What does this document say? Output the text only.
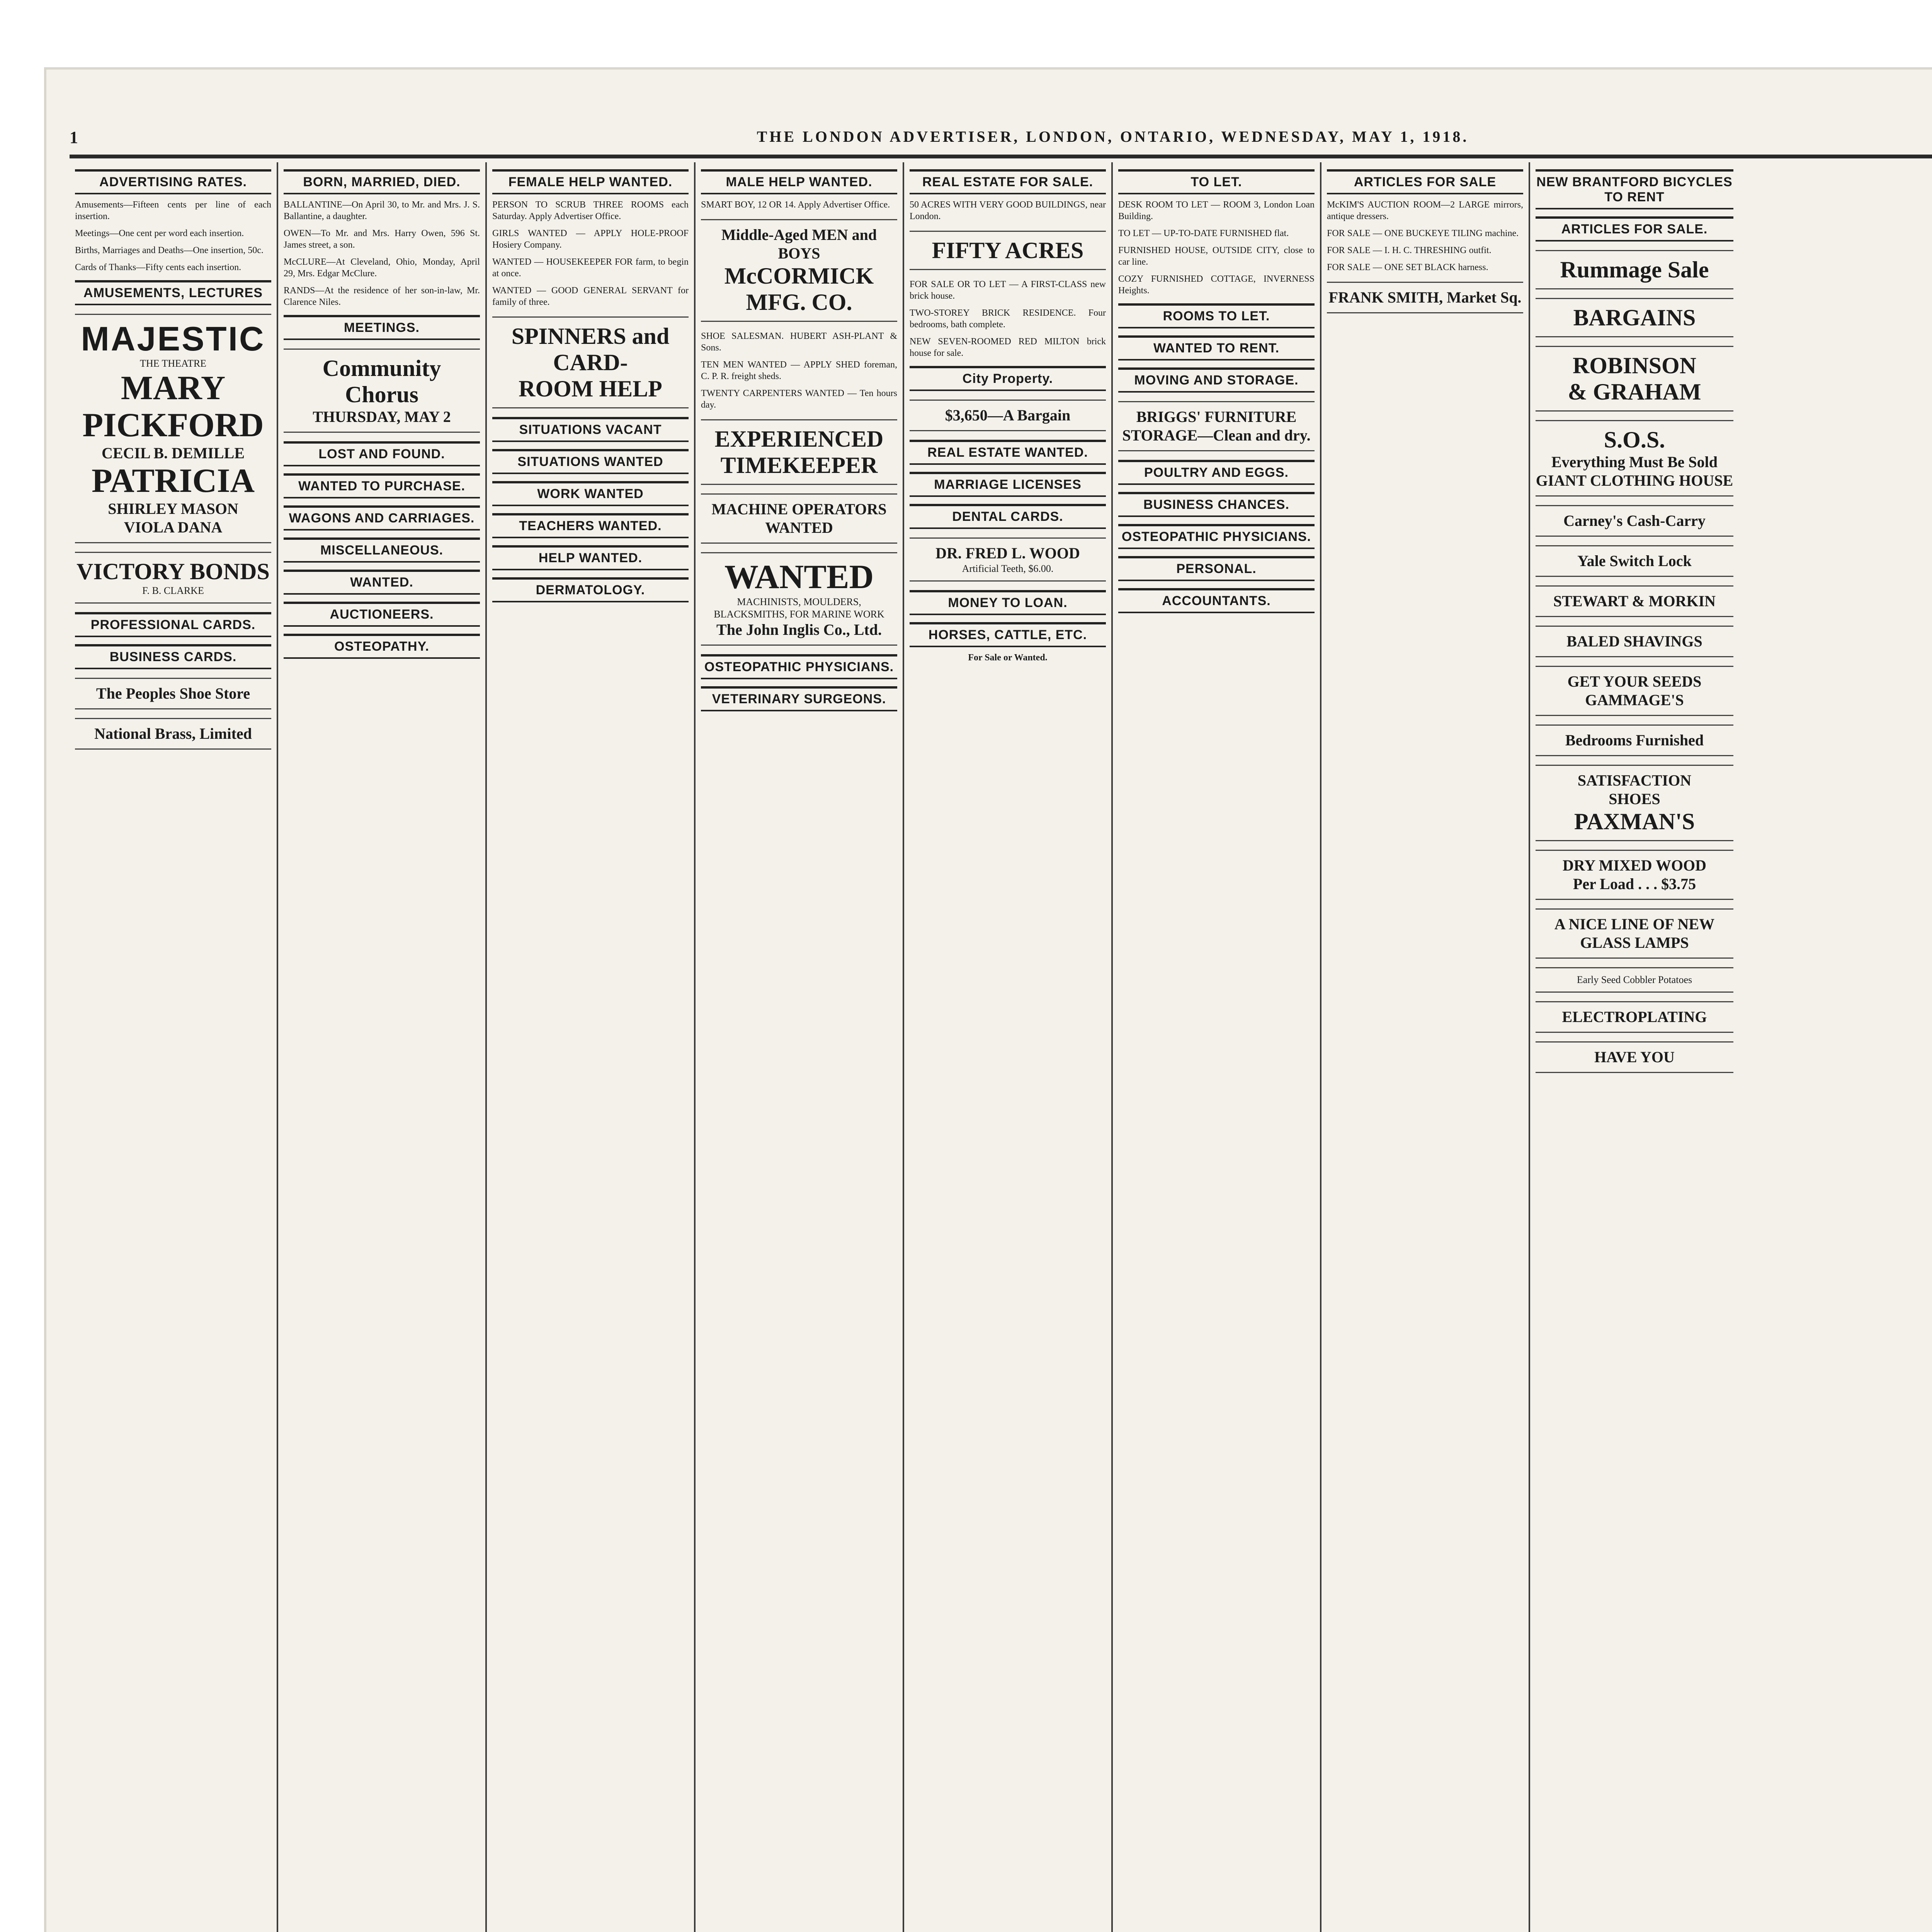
1	THE LONDON ADVERTISER, LONDON, ONTARIO, WEDNESDAY, MAY 1, 1918.
ADVERTISING RATES.

Amusements—Fifteen cents per line of each insertion.

Meetings—One cent per word each insertion.

Births, Marriages and Deaths—One insertion, 50c.

Cards of Thanks—Fifty cents each insertion.

AMUSEMENTS, LECTURES
MAJESTIC
THE THEATRE
MARY
PICKFORD
CECIL B. DEMILLE
PATRICIA
SHIRLEY MASON
VIOLA DANA
VICTORY BONDS
F. B. CLARKE
PROFESSIONAL CARDS.
BUSINESS CARDS.
The Peoples Shoe Store
National Brass, Limited
BORN, MARRIED, DIED.

BALLANTINE—On April 30, to Mr. and Mrs. J. S. Ballantine, a daughter.

OWEN—To Mr. and Mrs. Harry Owen, 596 St. James street, a son.

McCLURE—At Cleveland, Ohio, Monday, April 29, Mrs. Edgar McClure.

RANDS—At the residence of her son-in-law, Mr. Clarence Niles.

MEETINGS.
Community Chorus
THURSDAY, MAY 2
LOST AND FOUND.
WANTED TO PURCHASE.
WAGONS AND CARRIAGES.
MISCELLANEOUS.
WANTED.
AUCTIONEERS.
OSTEOPATHY.
FEMALE HELP WANTED.

PERSON TO SCRUB THREE ROOMS each Saturday. Apply Advertiser Office.

GIRLS WANTED — APPLY HOLE-PROOF Hosiery Company.

WANTED — HOUSEKEEPER FOR farm, to begin at once.

WANTED — GOOD GENERAL SERVANT for family of three.

SPINNERS and CARD-
ROOM HELP
SITUATIONS VACANT
SITUATIONS WANTED
WORK WANTED
TEACHERS WANTED.
HELP WANTED.
DERMATOLOGY.
MALE HELP WANTED.

SMART BOY, 12 OR 14. Apply Advertiser Office.

Middle-Aged MEN and BOYS
McCORMICK MFG. CO.

SHOE SALESMAN. HUBERT ASH-PLANT & Sons.

TEN MEN WANTED — APPLY SHED foreman, C. P. R. freight sheds.

TWENTY CARPENTERS WANTED — Ten hours day.

EXPERIENCED
TIMEKEEPER
MACHINE OPERATORS
WANTED
WANTED
MACHINISTS, MOULDERS, BLACKSMITHS, FOR MARINE WORK
The John Inglis Co., Ltd.
OSTEOPATHIC PHYSICIANS.
VETERINARY SURGEONS.
REAL ESTATE FOR SALE.

50 ACRES WITH VERY GOOD BUILDINGS, near London.

FIFTY ACRES

FOR SALE OR TO LET — A FIRST-CLASS new brick house.

TWO-STOREY BRICK RESIDENCE. Four bedrooms, bath complete.

NEW SEVEN-ROOMED RED MILTON brick house for sale.

City Property.
$3,650—A Bargain
REAL ESTATE WANTED.
MARRIAGE LICENSES
DENTAL CARDS.
DR. FRED L. WOOD
Artificial Teeth, $6.00.
MONEY TO LOAN.
HORSES, CATTLE, ETC.
For Sale or Wanted.
TO LET.

DESK ROOM TO LET — ROOM 3, London Loan Building.

TO LET — UP-TO-DATE FURNISHED flat.

FURNISHED HOUSE, OUTSIDE CITY, close to car line.

COZY FURNISHED COTTAGE, INVERNESS Heights.

ROOMS TO LET.
WANTED TO RENT.
MOVING AND STORAGE.
BRIGGS' FURNITURE STORAGE—Clean and dry.
POULTRY AND EGGS.
BUSINESS CHANCES.
OSTEOPATHIC PHYSICIANS.
PERSONAL.
ACCOUNTANTS.
ARTICLES FOR SALE

McKIM'S AUCTION ROOM—2 LARGE mirrors, antique dressers.

FOR SALE — ONE BUCKEYE TILING machine.

FOR SALE — I. H. C. THRESHING outfit.

FOR SALE — ONE SET BLACK harness.

FRANK SMITH, Market Sq.
NEW BRANTFORD BICYCLES TO RENT
ARTICLES FOR SALE.
Rummage Sale
BARGAINS
ROBINSON
& GRAHAM
S.O.S.
Everything Must Be Sold
GIANT CLOTHING HOUSE
Carney's Cash-Carry
Yale Switch Lock
STEWART & MORKIN
BALED SHAVINGS
GET YOUR SEEDS
GAMMAGE'S
Bedrooms Furnished
SATISFACTION
SHOES
PAXMAN'S
DRY MIXED WOOD
Per Load . . . $3.75
A NICE LINE OF NEW
GLASS LAMPS
Early Seed Cobbler Potatoes
ELECTROPLATING
HAVE YOU
